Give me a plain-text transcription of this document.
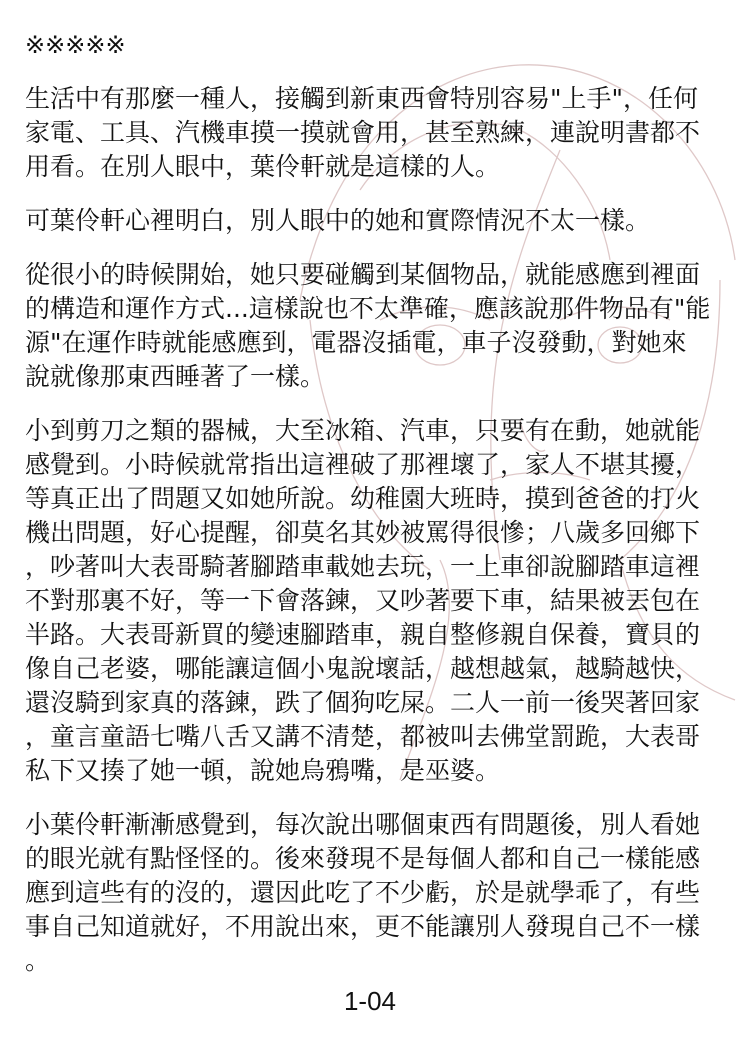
※※※※※
生活中有那麼一種人，接觸到新東西會特別容易"上手"，任何
家電、工具、汽機車摸一摸就會用，甚至熟練，連說明書都不
用看。在別人眼中，葉伶軒就是這樣的人。
可葉伶軒心裡明白，別人眼中的她和實際情況不太一樣。
從很小的時候開始，她只要碰觸到某個物品，就能感應到裡面
的構造和運作方式...這樣說也不太準確，應該說那件物品有"能
源"在運作時就能感應到，電器沒插電，車子沒發動，對她來
說就像那東西睡著了一樣。
小到剪刀之類的器械，大至冰箱、汽車，只要有在動，她就能
感覺到。小時候就常指出這裡破了那裡壞了，家人不堪其擾，
等真正出了問題又如她所說。幼稚園大班時，摸到爸爸的打火
機出問題，好心提醒，卻莫名其妙被罵得很慘；八歲多回鄉下
，吵著叫大表哥騎著腳踏車載她去玩，一上車卻說腳踏車這裡
不對那裏不好，等一下會落鍊，又吵著要下車，結果被丟包在
半路。大表哥新買的變速腳踏車，親自整修親自保養，寶貝的
像自己老婆，哪能讓這個小鬼說壞話，越想越氣，越騎越快，
還沒騎到家真的落鍊，跌了個狗吃屎。二人一前一後哭著回家
，童言童語七嘴八舌又講不清楚，都被叫去佛堂罰跪，大表哥
私下又揍了她一頓，說她烏鴉嘴，是巫婆。
小葉伶軒漸漸感覺到，每次說出哪個東西有問題後，別人看她
的眼光就有點怪怪的。後來發現不是每個人都和自己一樣能感
應到這些有的沒的，還因此吃了不少虧，於是就學乖了，有些
事自己知道就好，不用說出來，更不能讓別人發現自己不一樣
。
1-04
